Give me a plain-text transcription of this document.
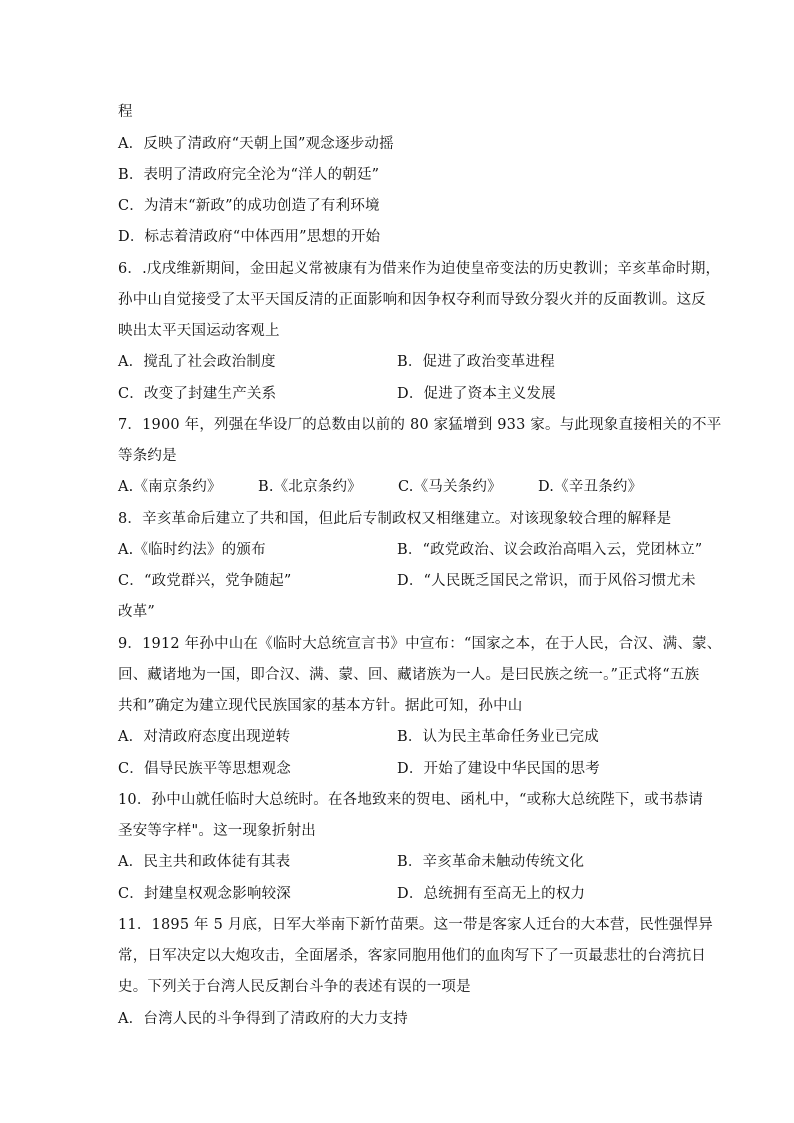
程
A．反映了清政府“天朝上国”观念逐步动摇
B．表明了清政府完全沦为“洋人的朝廷”
C．为清末“新政”的成功创造了有利环境
D．标志着清政府“中体西用”思想的开始
6．.戊戌维新期间，金田起义常被康有为借来作为迫使皇帝变法的历史教训；辛亥革命时期，
孙中山自觉接受了太平天国反清的正面影响和因争权夺利而导致分裂火并的反面教训。这反
映出太平天国运动客观上
A．搅乱了社会政治制度	B．促进了政治变革进程
C．改变了封建生产关系	D．促进了资本主义发展
7．1900 年，列强在华设厂的总数由以前的 80 家猛增到 933 家。与此现象直接相关的不平
等条约是
A.《南京条约》	B.《北京条约》 C.《马关条约》 D.《辛丑条约》
8．辛亥革命后建立了共和国，但此后专制政权又相继建立。对该现象较合理的解释是
A.《临时约法》的颁布	B．“政党政治、议会政治高唱入云，党团林立”
C．“政党群兴，党争随起”	D．“人民既乏国民之常识，而于风俗习惯尤未
改革”
9．1912 年孙中山在《临时大总统宣言书》中宣布：“国家之本，在于人民，合汉、满、蒙、
回、藏诸地为一国，即合汉、满、蒙、回、藏诸族为一人。是曰民族之统一。”正式将“五族
共和”确定为建立现代民族国家的基本方针。据此可知，孙中山
A．对清政府态度出现逆转	B．认为民主革命任务业已完成
C．倡导民族平等思想观念	D．开始了建设中华民国的思考
10．孙中山就任临时大总统时。在各地致来的贺电、函札中，“或称大总统陛下，或书恭请
圣安等字样"。这一现象折射出
A．民主共和政体徒有其表	B．辛亥革命未触动传统文化
C．封建皇权观念影响较深	D．总统拥有至高无上的权力
11．1895 年 5 月底，日军大举南下新竹苗栗。这一带是客家人迁台的大本营，民性强悍异
常，日军决定以大炮攻击，全面屠杀，客家同胞用他们的血肉写下了一页最悲壮的台湾抗日
史。下列关于台湾人民反割台斗争的表述有误的一项是
A．台湾人民的斗争得到了清政府的大力支持
